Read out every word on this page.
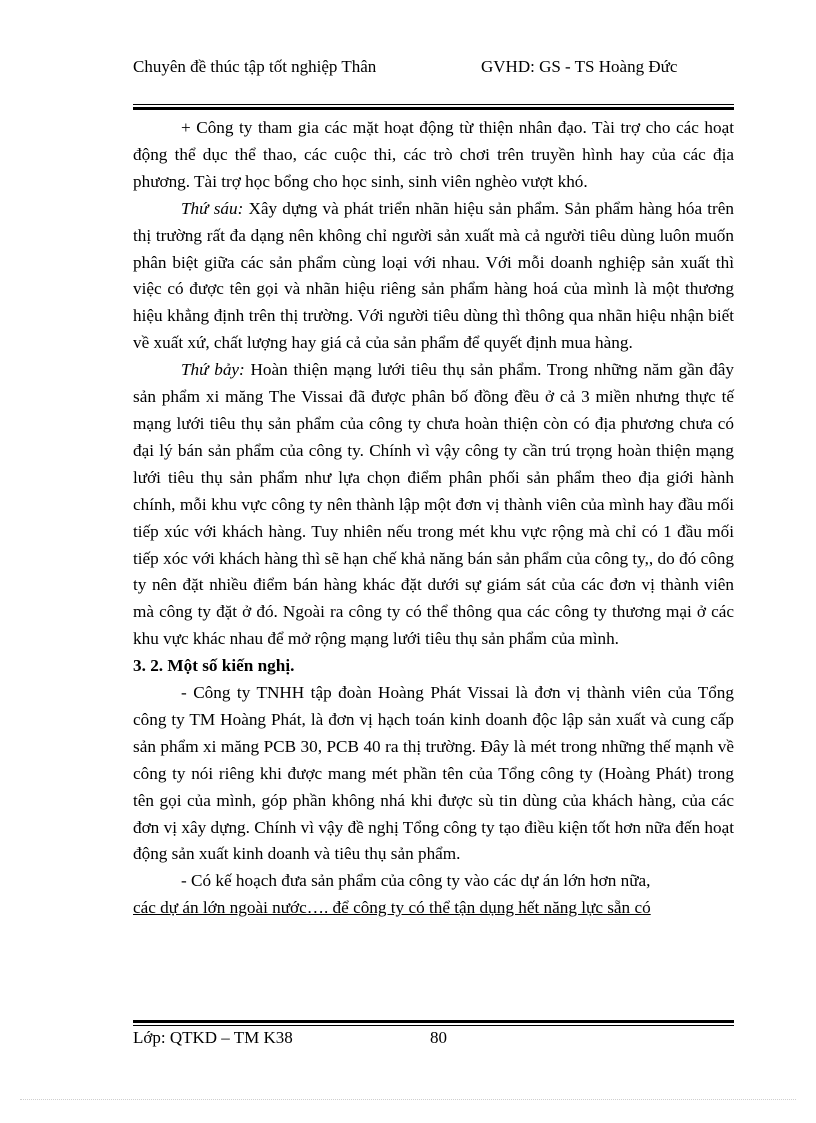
Chuyên đề thúc tập tốt nghiệp Thân	GVHD: GS - TS Hoàng Đức

+ Công ty tham gia các mặt hoạt động từ thiện nhân đạo. Tài trợ cho các hoạt động thể dục thể thao, các cuộc thi, các trò chơi trên truyền hình hay của các địa phương. Tài trợ học bổng cho học sinh, sinh viên nghèo vượt khó.

Thứ sáu: Xây dựng và phát triển nhãn hiệu sản phẩm. Sản phẩm hàng hóa trên thị trường rất đa dạng nên không chỉ người sản xuất mà cả người tiêu dùng luôn muốn phân biệt giữa các sản phẩm cùng loại với nhau. Với mỗi doanh nghiệp sản xuất thì việc có được tên gọi và nhãn hiệu riêng sản phẩm hàng hoá của mình là một thương hiệu khẳng định trên thị trường. Với người tiêu dùng thì thông qua nhãn hiệu nhận biết về xuất xứ, chất lượng hay giá cả của sản phẩm để quyết định mua hàng.

Thứ bảy: Hoàn thiện mạng lưới tiêu thụ sản phẩm. Trong những năm gần đây sản phẩm xi măng The Vissai đã được phân bố đồng đều ở cả 3 miền nhưng thực tế mạng lưới tiêu thụ sản phẩm của công ty chưa hoàn thiện còn có địa phương chưa có đại lý bán sản phẩm của công ty. Chính vì vậy công ty cần trú trọng hoàn thiện mạng lưới tiêu thụ sản phẩm như lựa chọn điểm phân phối sản phẩm theo địa giới hành chính, mỗi khu vực công ty nên thành lập một đơn vị thành viên của mình hay đầu mối tiếp xúc với khách hàng. Tuy nhiên nếu trong mét khu vực rộng mà chỉ có 1 đầu mối tiếp xóc với khách hàng thì sẽ hạn chế khả năng bán sản phẩm của công ty,, do đó công ty nên đặt nhiều điểm bán hàng khác đặt dưới sự giám sát của các đơn vị thành viên mà công ty đặt ở đó. Ngoài ra công ty có thể thông qua các công ty thương mại ở các khu vực khác nhau để mở rộng mạng lưới tiêu thụ sản phẩm của mình.

3. 2. Một số kiến nghị.

- Công ty TNHH tập đoàn Hoàng Phát Vissai là đơn vị thành viên của Tổng công ty TM Hoàng Phát, là đơn vị hạch toán kinh doanh độc lập sản xuất và cung cấp sản phẩm xi măng PCB 30, PCB 40 ra thị trường. Đây là mét trong những thế mạnh về công ty nói riêng khi được mang mét phần tên của Tổng công ty (Hoàng Phát) trong tên gọi của mình, góp phần không nhá khi được sù tin dùng của khách hàng, của các đơn vị xây dựng. Chính vì vậy đề nghị Tổng công ty tạo điều kiện tốt hơn nữa đến hoạt động sản xuất kinh doanh và tiêu thụ sản phẩm.

- Có kế hoạch đưa sản phẩm của công ty vào các dự án lớn hơn nữa,

các dự án lớn ngoài nước…. để công ty có thể tận dụng hết năng lực sẵn có

Lớp: QTKD – TM K38	80
